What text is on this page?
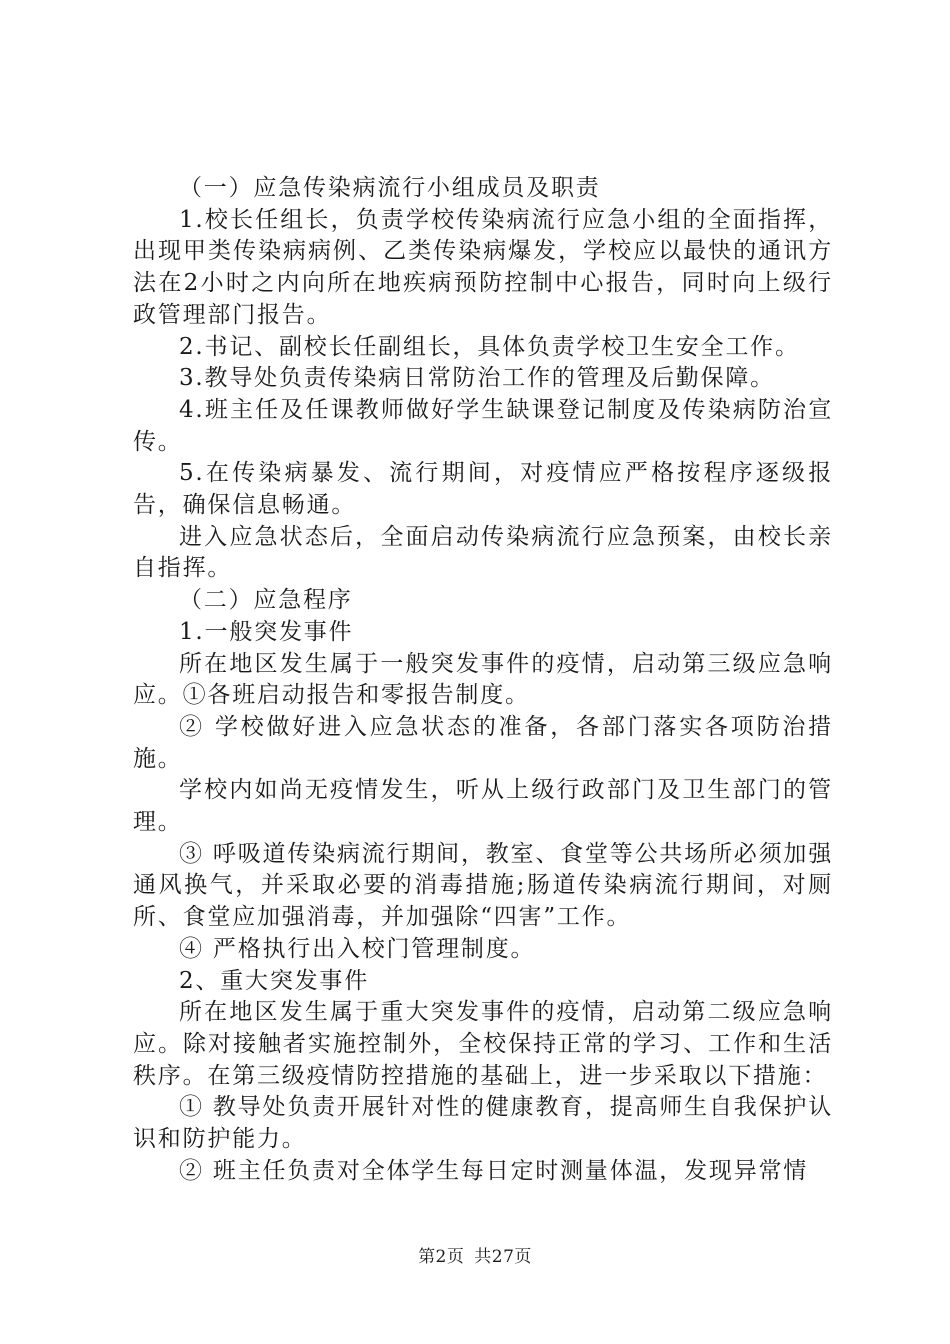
（一）应急传染病流行小组成员及职责

1.校长任组长，负责学校传染病流行应急小组的全面指挥，出现甲类传染病病例、乙类传染病爆发，学校应以最快的通讯方法在2小时之内向所在地疾病预防控制中心报告，同时向上级行政管理部门报告。

2.书记、副校长任副组长，具体负责学校卫生安全工作。

3.教导处负责传染病日常防治工作的管理及后勤保障。

4.班主任及任课教师做好学生缺课登记制度及传染病防治宣传。

5.在传染病暴发、流行期间，对疫情应严格按程序逐级报告，确保信息畅通。

进入应急状态后，全面启动传染病流行应急预案，由校长亲自指挥。

（二）应急程序

1.一般突发事件

所在地区发生属于一般突发事件的疫情，启动第三级应急响应。①各班启动报告和零报告制度。

② 学校做好进入应急状态的准备，各部门落实各项防治措施。

学校内如尚无疫情发生，听从上级行政部门及卫生部门的管理。

③ 呼吸道传染病流行期间，教室、食堂等公共场所必须加强通风换气，并采取必要的消毒措施;肠道传染病流行期间，对厕所、食堂应加强消毒，并加强除“四害”工作。

④ 严格执行出入校门管理制度。

2、重大突发事件

所在地区发生属于重大突发事件的疫情，启动第二级应急响应。除对接触者实施控制外，全校保持正常的学习、工作和生活秩序。在第三级疫情防控措施的基础上，进一步采取以下措施：

① 教导处负责开展针对性的健康教育，提高师生自我保护认识和防护能力。

② 班主任负责对全体学生每日定时测量体温，发现异常情

第2页 共27页
